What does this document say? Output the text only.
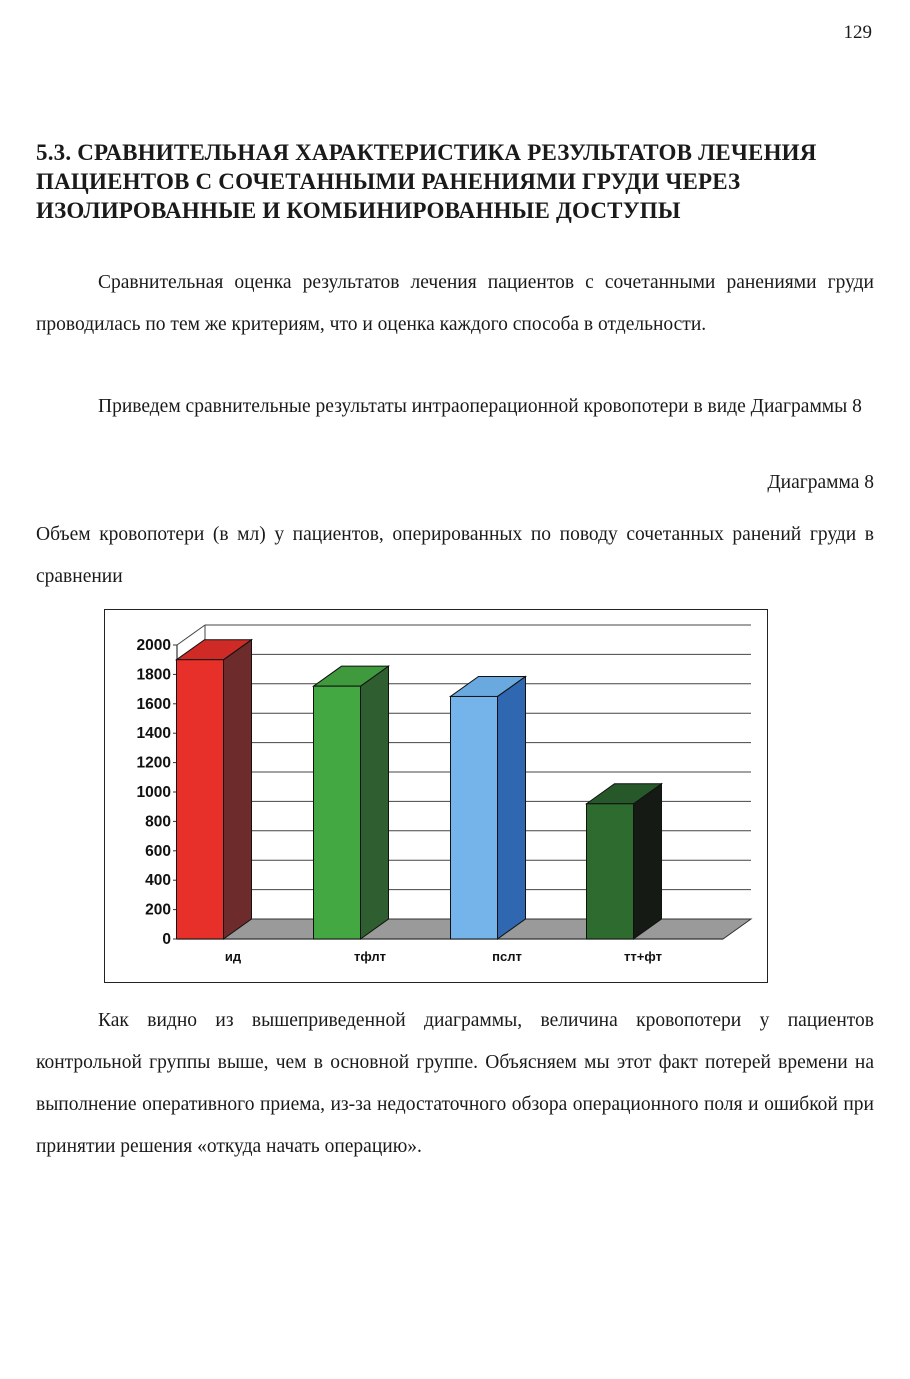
129
5.3. СРАВНИТЕЛЬНАЯ ХАРАКТЕРИСТИКА РЕЗУЛЬТАТОВ ЛЕЧЕНИЯ ПАЦИЕНТОВ С СОЧЕТАННЫМИ РАНЕНИЯМИ ГРУДИ ЧЕРЕЗ ИЗОЛИРОВАННЫЕ И КОМБИНИРОВАННЫЕ ДОСТУПЫ

Сравнительная оценка результатов лечения пациентов с сочетанными ранениями груди проводилась по тем же критериям, что и оценка каждого способа в отдельности.

Приведем сравнительные результаты интраоперационной кровопотери в виде Диаграммы 8

Диаграмма 8

Объем кровопотери (в мл) у пациентов, оперированных по поводу сочетанных ранений груди в сравнении

0
200
400
600
800
1000
1200
1400
1600
1800
2000
ид	тфлт	пслт	тт+фт

Как видно из вышеприведенной диаграммы, величина кровопотери у пациентов контрольной группы выше, чем в основной группе. Объясняем мы этот факт потерей времени на выполнение оперативного приема, из-за недостаточного обзора операционного поля и ошибкой при принятии решения «откуда начать операцию».
